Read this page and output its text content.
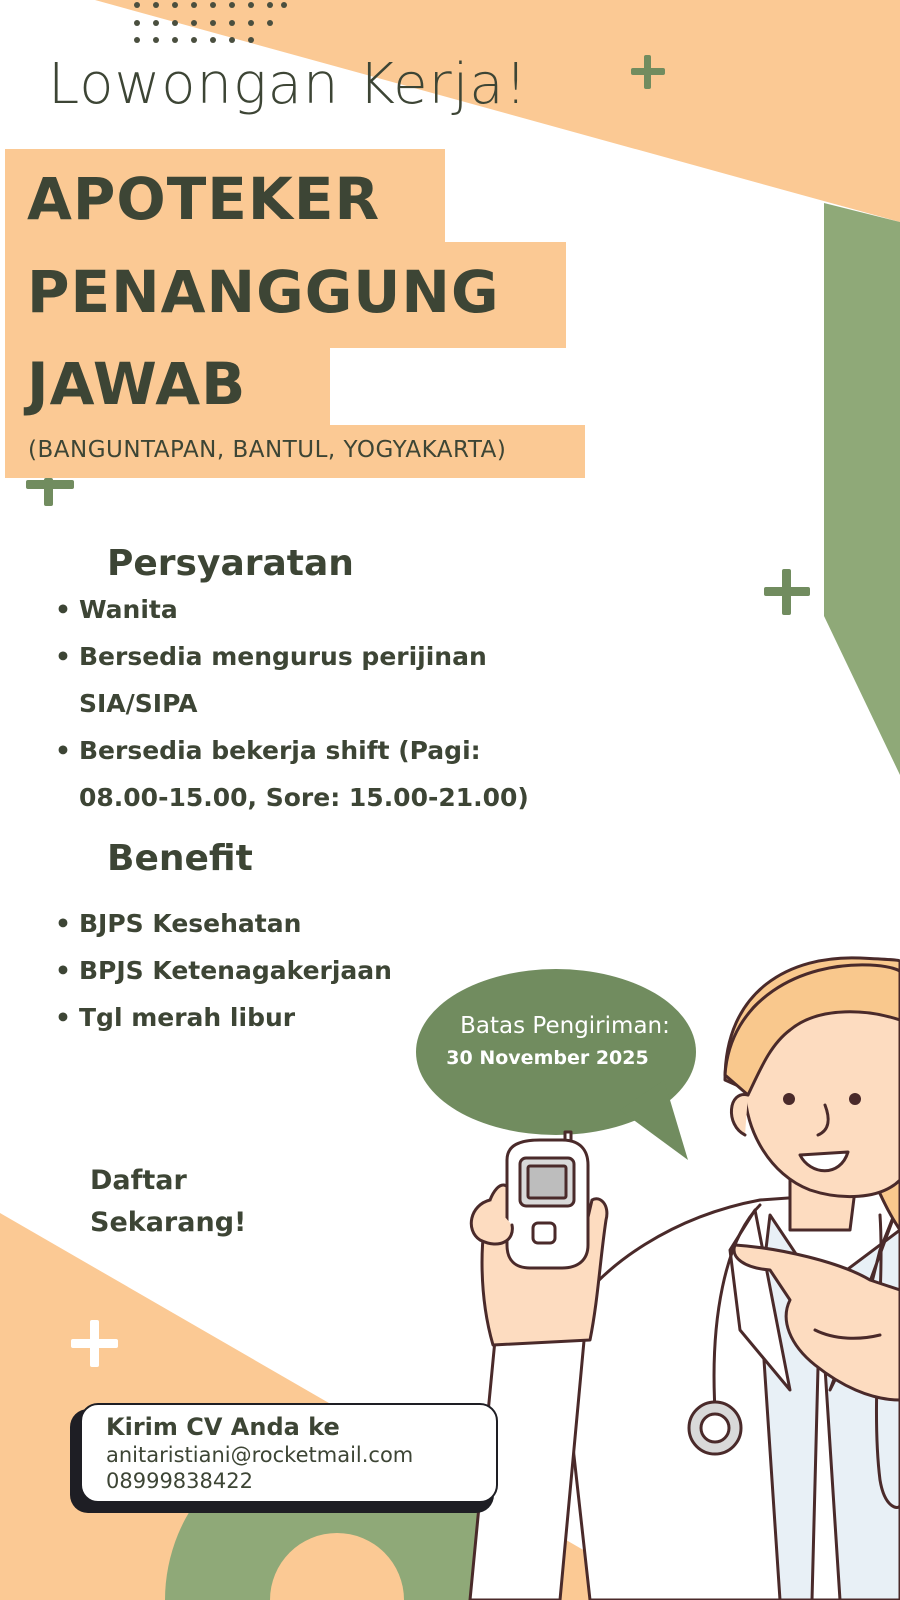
Lowongan Kerja!
APOTEKER
PENANGGUNG
JAWAB
(BANGUNTAPAN, BANTUL, YOGYAKARTA)
Persyaratan
• Wanita
• Bersedia mengurus perijinan SIA/SIPA
• Bersedia bekerja shift (Pagi: 08.00-15.00, Sore: 15.00-21.00)
Benefit
• BJPS Kesehatan
• BPJS Ketenagakerjaan
• Tgl merah libur
Daftar
Sekarang!
Batas Pengiriman:
30 November 2025
Kirim CV Anda ke
anitaristiani@rocketmail.com
08999838422
